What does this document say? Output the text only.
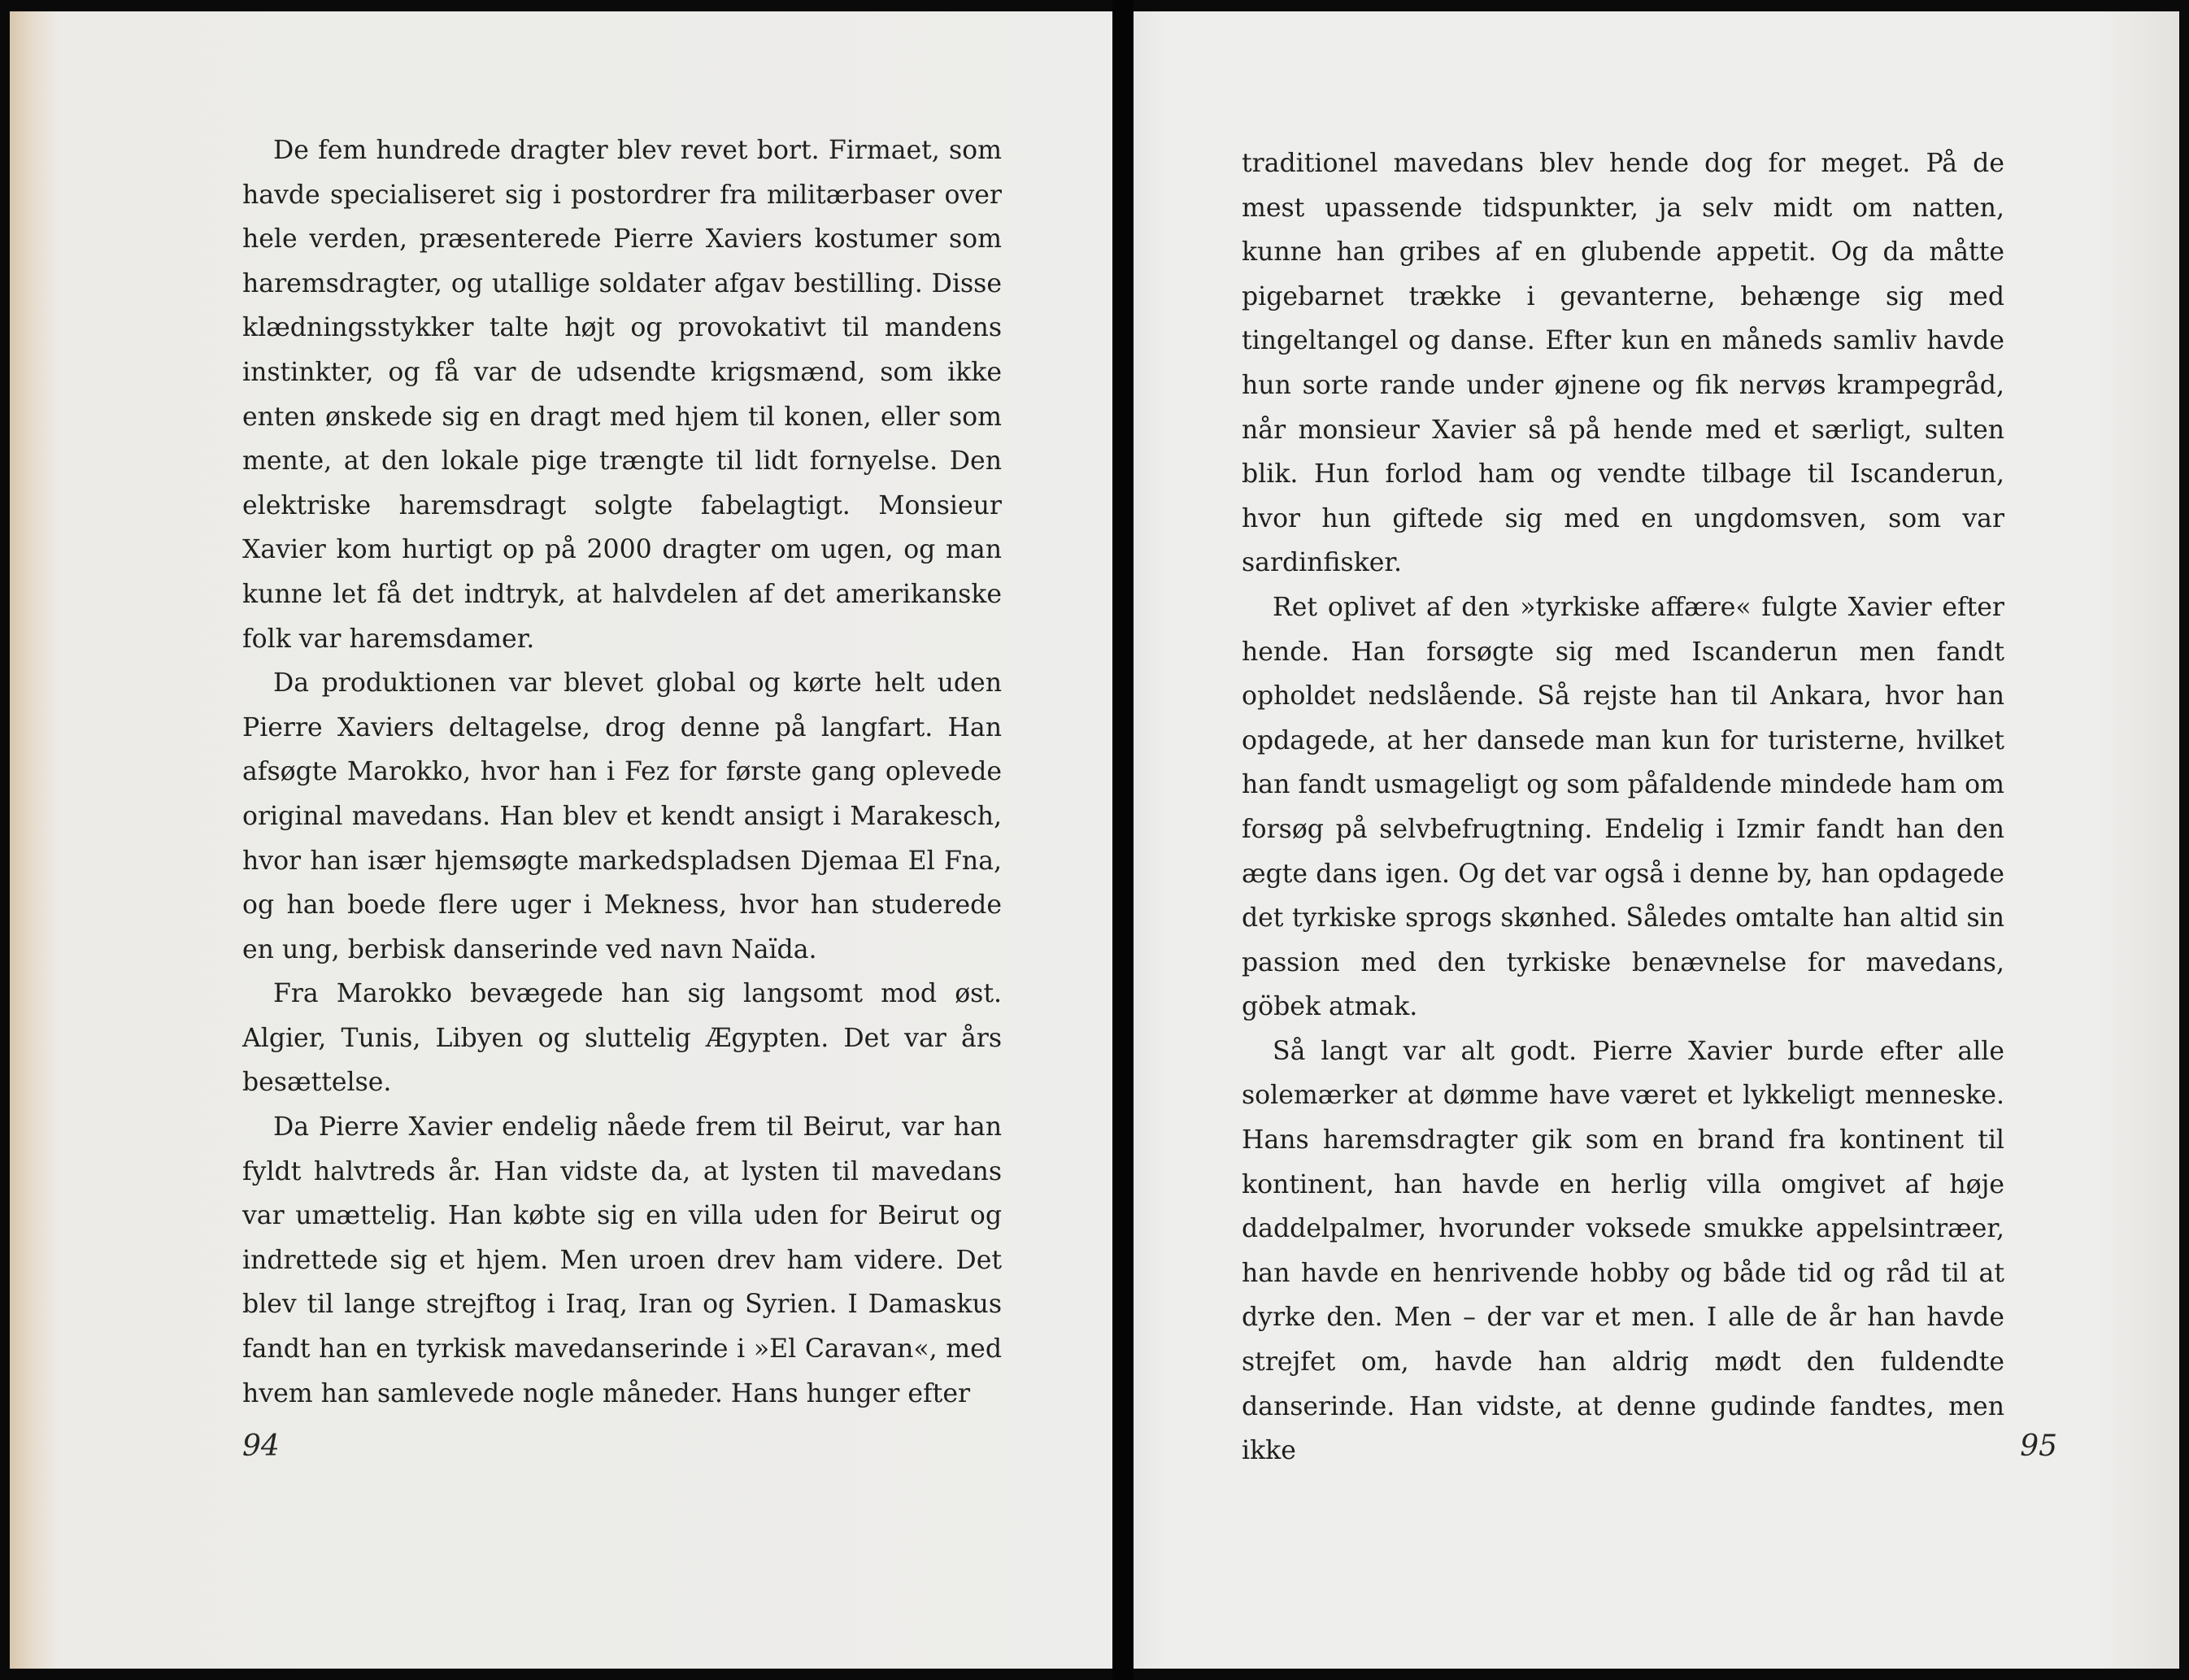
De fem hundrede dragter blev revet bort. Firmaet, som havde specialiseret sig i postordrer fra militærbaser over hele verden, præsenterede Pierre Xaviers kostumer som haremsdragter, og utallige soldater afgav bestilling. Disse klædningsstykker talte højt og provokativt til mandens instinkter, og få var de udsendte krigsmænd, som ikke enten ønskede sig en dragt med hjem til konen, eller som mente, at den lokale pige trængte til lidt fornyelse. Den elektriske haremsdragt solgte fabelagtigt. Monsieur Xavier kom hurtigt op på 2000 dragter om ugen, og man kunne let få det indtryk, at halvdelen af det amerikanske folk var haremsdamer.

Da produktionen var blevet global og kørte helt uden Pierre Xaviers deltagelse, drog denne på langfart. Han afsøgte Marokko, hvor han i Fez for første gang oplevede original mavedans. Han blev et kendt ansigt i Marakesch, hvor han især hjemsøgte markedspladsen Djemaa El Fna, og han boede flere uger i Mekness, hvor han studerede en ung, berbisk danserinde ved navn Naïda.

Fra Marokko bevægede han sig langsomt mod øst. Algier, Tunis, Libyen og sluttelig Ægypten. Det var års besættelse.

Da Pierre Xavier endelig nåede frem til Beirut, var han fyldt halvtreds år. Han vidste da, at lysten til mavedans var umættelig. Han købte sig en villa uden for Beirut og indrettede sig et hjem. Men uroen drev ham videre. Det blev til lange strejftog i Iraq, Iran og Syrien. I Damaskus fandt han en tyrkisk mavedanserinde i »El Caravan«, med hvem han samlevede nogle måneder. Hans hunger efter

94

traditionel mavedans blev hende dog for meget. På de mest upassende tidspunkter, ja selv midt om natten, kunne han gribes af en glubende appetit. Og da måtte pigebarnet trække i gevanterne, behænge sig med tingeltangel og danse. Efter kun en måneds samliv havde hun sorte rande under øjnene og fik nervøs krampegråd, når monsieur Xavier så på hende med et særligt, sulten blik. Hun forlod ham og vendte tilbage til Iscanderun, hvor hun giftede sig med en ungdomsven, som var sardinfisker.

Ret oplivet af den »tyrkiske affære« fulgte Xavier efter hende. Han forsøgte sig med Iscanderun men fandt opholdet nedslående. Så rejste han til Ankara, hvor han opdagede, at her dansede man kun for turisterne, hvilket han fandt usmageligt og som påfaldende mindede ham om forsøg på selvbefrugtning. Endelig i Izmir fandt han den ægte dans igen. Og det var også i denne by, han opdagede det tyrkiske sprogs skønhed. Således omtalte han altid sin passion med den tyrkiske benævnelse for mavedans, göbek atmak.

Så langt var alt godt. Pierre Xavier burde efter alle solemærker at dømme have været et lykkeligt menneske. Hans haremsdragter gik som en brand fra kontinent til kontinent, han havde en herlig villa omgivet af høje daddelpalmer, hvorunder voksede smukke appelsintræer, han havde en henrivende hobby og både tid og råd til at dyrke den. Men – der var et men. I alle de år han havde strejfet om, havde han aldrig mødt den fuldendte danserinde. Han vidste, at denne gudinde fandtes, men ikke	95
